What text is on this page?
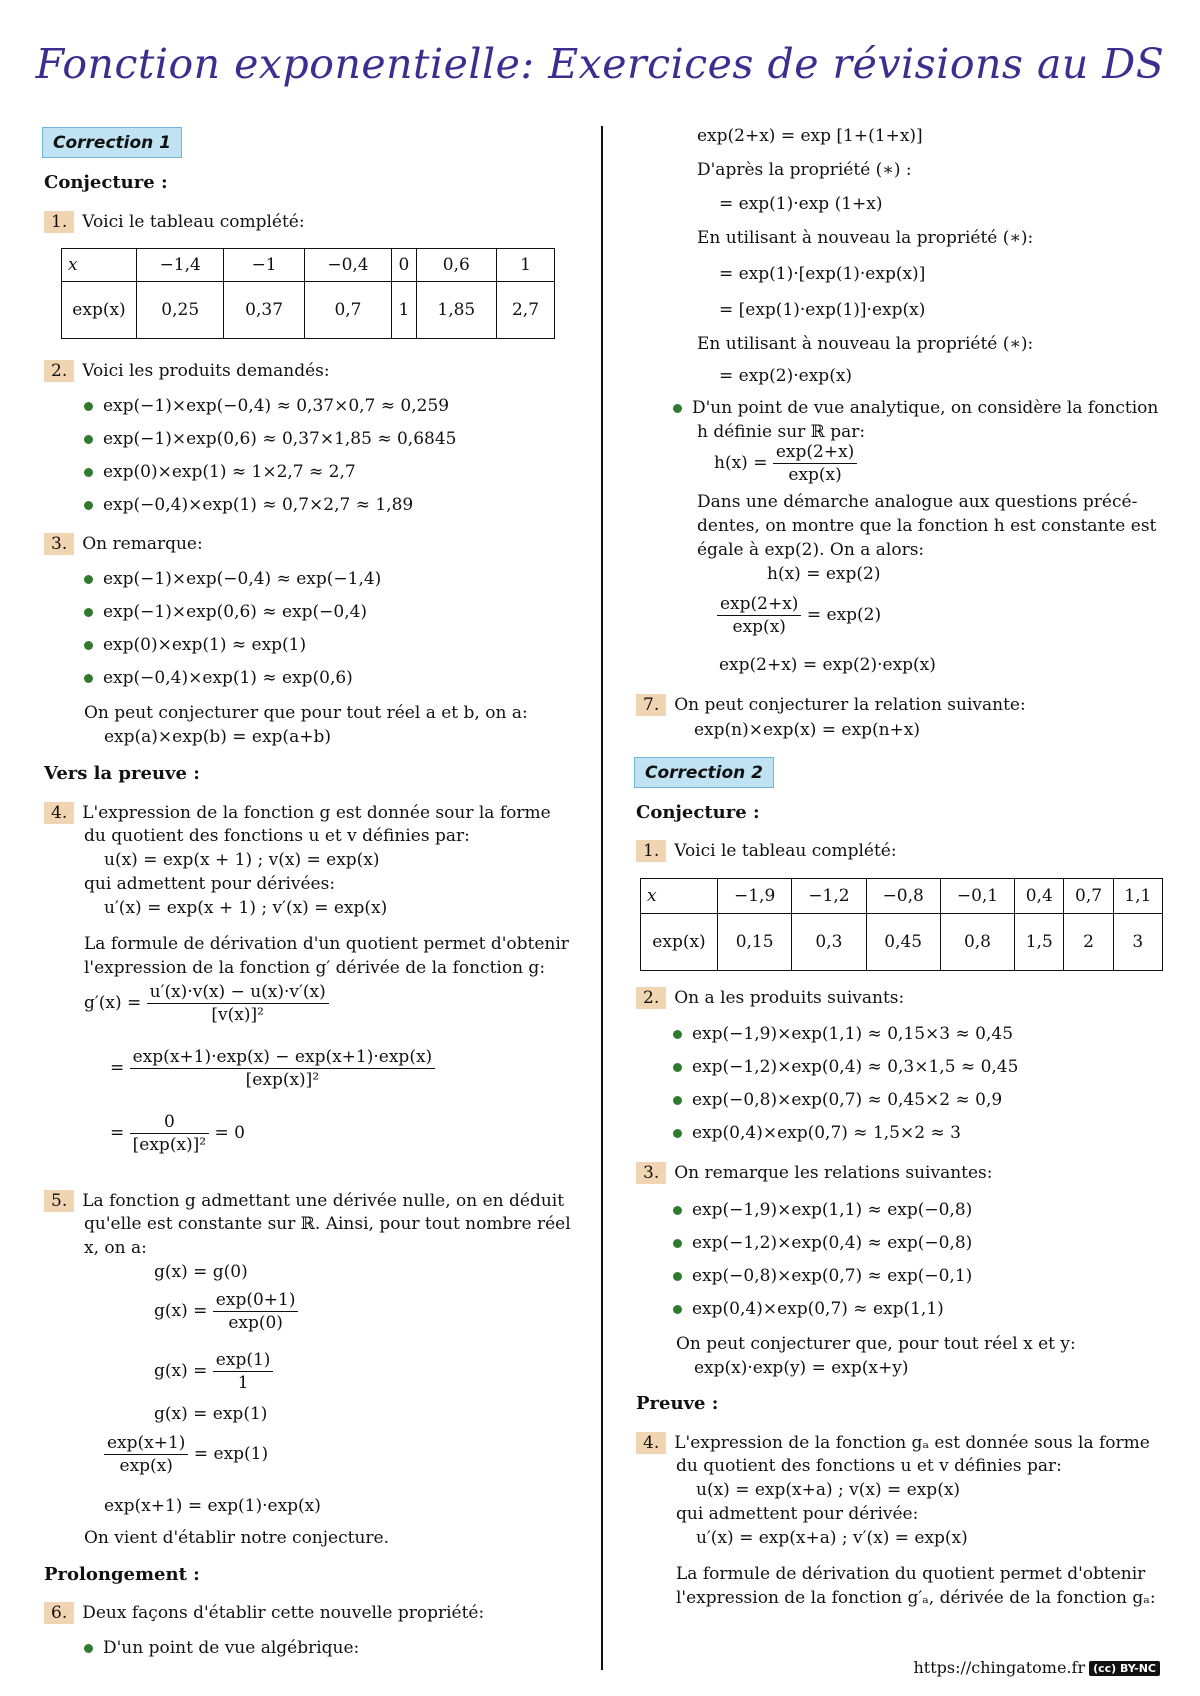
Fonction exponentielle: Exercices de révisions au DS
Correction 1
Conjecture :
1. Voici le tableau complété:
x	−1,4	−1	−0,4	0	0,6	1
exp(x)	0,25	0,37	0,7	1	1,85	2,7
2. Voici les produits demandés:
exp(−1)×exp(−0,4) ≈ 0,37×0,7 ≈ 0,259
exp(−1)×exp(0,6) ≈ 0,37×1,85 ≈ 0,6845
exp(0)×exp(1) ≈ 1×2,7 ≈ 2,7
exp(−0,4)×exp(1) ≈ 0,7×2,7 ≈ 1,89
3. On remarque:
exp(−1)×exp(−0,4) ≈ exp(−1,4)
exp(−1)×exp(0,6) ≈ exp(−0,4)
exp(0)×exp(1) ≈ exp(1)
exp(−0,4)×exp(1) ≈ exp(0,6)
On peut conjecturer que pour tout réel a et b, on a:
exp(a)×exp(b) = exp(a+b)
Vers la preuve :
4. L'expression de la fonction g est donnée sour la forme
du quotient des fonctions u et v définies par:
u(x) = exp(x + 1) ; v(x) = exp(x)
qui admettent pour dérivées:
u′(x) = exp(x + 1) ; v′(x) = exp(x)
La formule de dérivation d'un quotient permet d'obtenir
l'expression de la fonction g′ dérivée de la fonction g:
$g'(x) = \frac{u'(x)\cdot v(x) - u(x)\cdot v'(x)}{\text{[v(x)]²}}$
= $\frac{\exp(x+1)\cdot\exp(x) - \exp(x+1)\cdot\exp(x)}{\text{[exp(x)]²}}$
= $\frac{0}{\text{[exp(x)]²}} = 0$
5. La fonction g admettant une dérivée nulle, on en déduit
qu'elle est constante sur ℝ. Ainsi, pour tout nombre réel
x, on a:
g(x) = g(0)
$g(x) = \frac{\exp(0+1)}{\exp(0)}$
$g(x) = \frac{\exp(1)}{1}$
g(x) = exp(1)
$\frac{\exp(x+1)}{\exp(x)} = \exp(1)$
exp(x+1) = exp(1)·exp(x)
On vient d'établir notre conjecture.
Prolongement :
6. Deux façons d'établir cette nouvelle propriété:
D'un point de vue algébrique:
exp(2+x) = exp [1+(1+x)]
D'après la propriété (∗) :
= exp(1)·exp (1+x)
En utilisant à nouveau la propriété (∗):
= exp(1)·[exp(1)·exp(x)]
= [exp(1)·exp(1)]·exp(x)
En utilisant à nouveau la propriété (∗):
= exp(2)·exp(x)
D'un point de vue analytique, on considère la fonction
h définie sur ℝ par:
$h(x) = \frac{\exp(2+x)}{\exp(x)}$
Dans une démarche analogue aux questions précé-
dentes, on montre que la fonction h est constante est
égale à exp(2). On a alors:
h(x) = exp(2)
$\frac{\exp(2+x)}{\exp(x)} = \exp(2)$
exp(2+x) = exp(2)·exp(x)
7. On peut conjecturer la relation suivante:
exp(n)×exp(x) = exp(n+x)
Correction 2
Conjecture :
1. Voici le tableau complété:
x	−1,9	−1,2	−0,8	−0,1	0,4	0,7	1,1
exp(x)	0,15	0,3	0,45	0,8	1,5	2	3
2. On a les produits suivants:
exp(−1,9)×exp(1,1) ≈ 0,15×3 ≈ 0,45
exp(−1,2)×exp(0,4) ≈ 0,3×1,5 ≈ 0,45
exp(−0,8)×exp(0,7) ≈ 0,45×2 ≈ 0,9
exp(0,4)×exp(0,7) ≈ 1,5×2 ≈ 3
3. On remarque les relations suivantes:
exp(−1,9)×exp(1,1) ≈ exp(−0,8)
exp(−1,2)×exp(0,4) ≈ exp(−0,8)
exp(−0,8)×exp(0,7) ≈ exp(−0,1)
exp(0,4)×exp(0,7) ≈ exp(1,1)
On peut conjecturer que, pour tout réel x et y:
exp(x)·exp(y) = exp(x+y)
Preuve :
4. L'expression de la fonction gₐ est donnée sous la forme
du quotient des fonctions u et v définies par:
u(x) = exp(x+a) ; v(x) = exp(x)
qui admettent pour dérivée:
u′(x) = exp(x+a) ; v′(x) = exp(x)
La formule de dérivation du quotient permet d'obtenir
l'expression de la fonction g′ₐ, dérivée de la fonction gₐ:
https://chingatome.fr (cc) BY-NC
